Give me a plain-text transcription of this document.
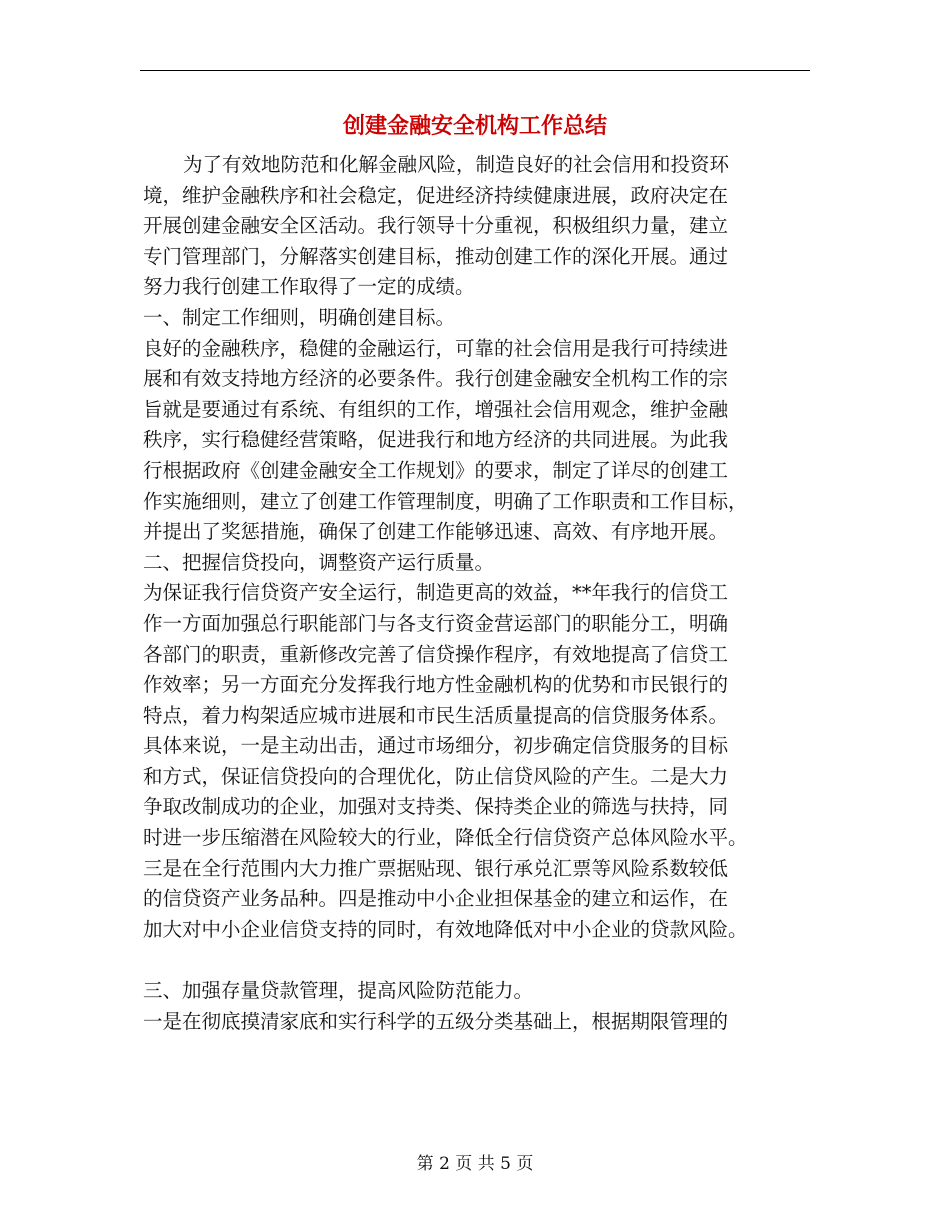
创建金融安全机构工作总结
为了有效地防范和化解金融风险，制造良好的社会信用和投资环
境，维护金融秩序和社会稳定，促进经济持续健康进展，政府决定在
开展创建金融安全区活动。我行领导十分重视，积极组织力量，建立
专门管理部门，分解落实创建目标，推动创建工作的深化开展。通过
努力我行创建工作取得了一定的成绩。
一、制定工作细则，明确创建目标。
良好的金融秩序，稳健的金融运行，可靠的社会信用是我行可持续进
展和有效支持地方经济的必要条件。我行创建金融安全机构工作的宗
旨就是要通过有系统、有组织的工作，增强社会信用观念，维护金融
秩序，实行稳健经营策略，促进我行和地方经济的共同进展。为此我
行根据政府《创建金融安全工作规划》的要求，制定了详尽的创建工
作实施细则，建立了创建工作管理制度，明确了工作职责和工作目标，
并提出了奖惩措施，确保了创建工作能够迅速、高效、有序地开展。
二、把握信贷投向，调整资产运行质量。
为保证我行信贷资产安全运行，制造更高的效益，**年我行的信贷工
作一方面加强总行职能部门与各支行资金营运部门的职能分工，明确
各部门的职责，重新修改完善了信贷操作程序，有效地提高了信贷工
作效率；另一方面充分发挥我行地方性金融机构的优势和市民银行的
特点，着力构架适应城市进展和市民生活质量提高的信贷服务体系。
具体来说，一是主动出击，通过市场细分，初步确定信贷服务的目标
和方式，保证信贷投向的合理优化，防止信贷风险的产生。二是大力
争取改制成功的企业，加强对支持类、保持类企业的筛选与扶持，同
时进一步压缩潜在风险较大的行业，降低全行信贷资产总体风险水平。
三是在全行范围内大力推广票据贴现、银行承兑汇票等风险系数较低
的信贷资产业务品种。四是推动中小企业担保基金的建立和运作，在
加大对中小企业信贷支持的同时，有效地降低对中小企业的贷款风险。
三、加强存量贷款管理，提高风险防范能力。
一是在彻底摸清家底和实行科学的五级分类基础上，根据期限管理的
第 2 页 共 5 页
